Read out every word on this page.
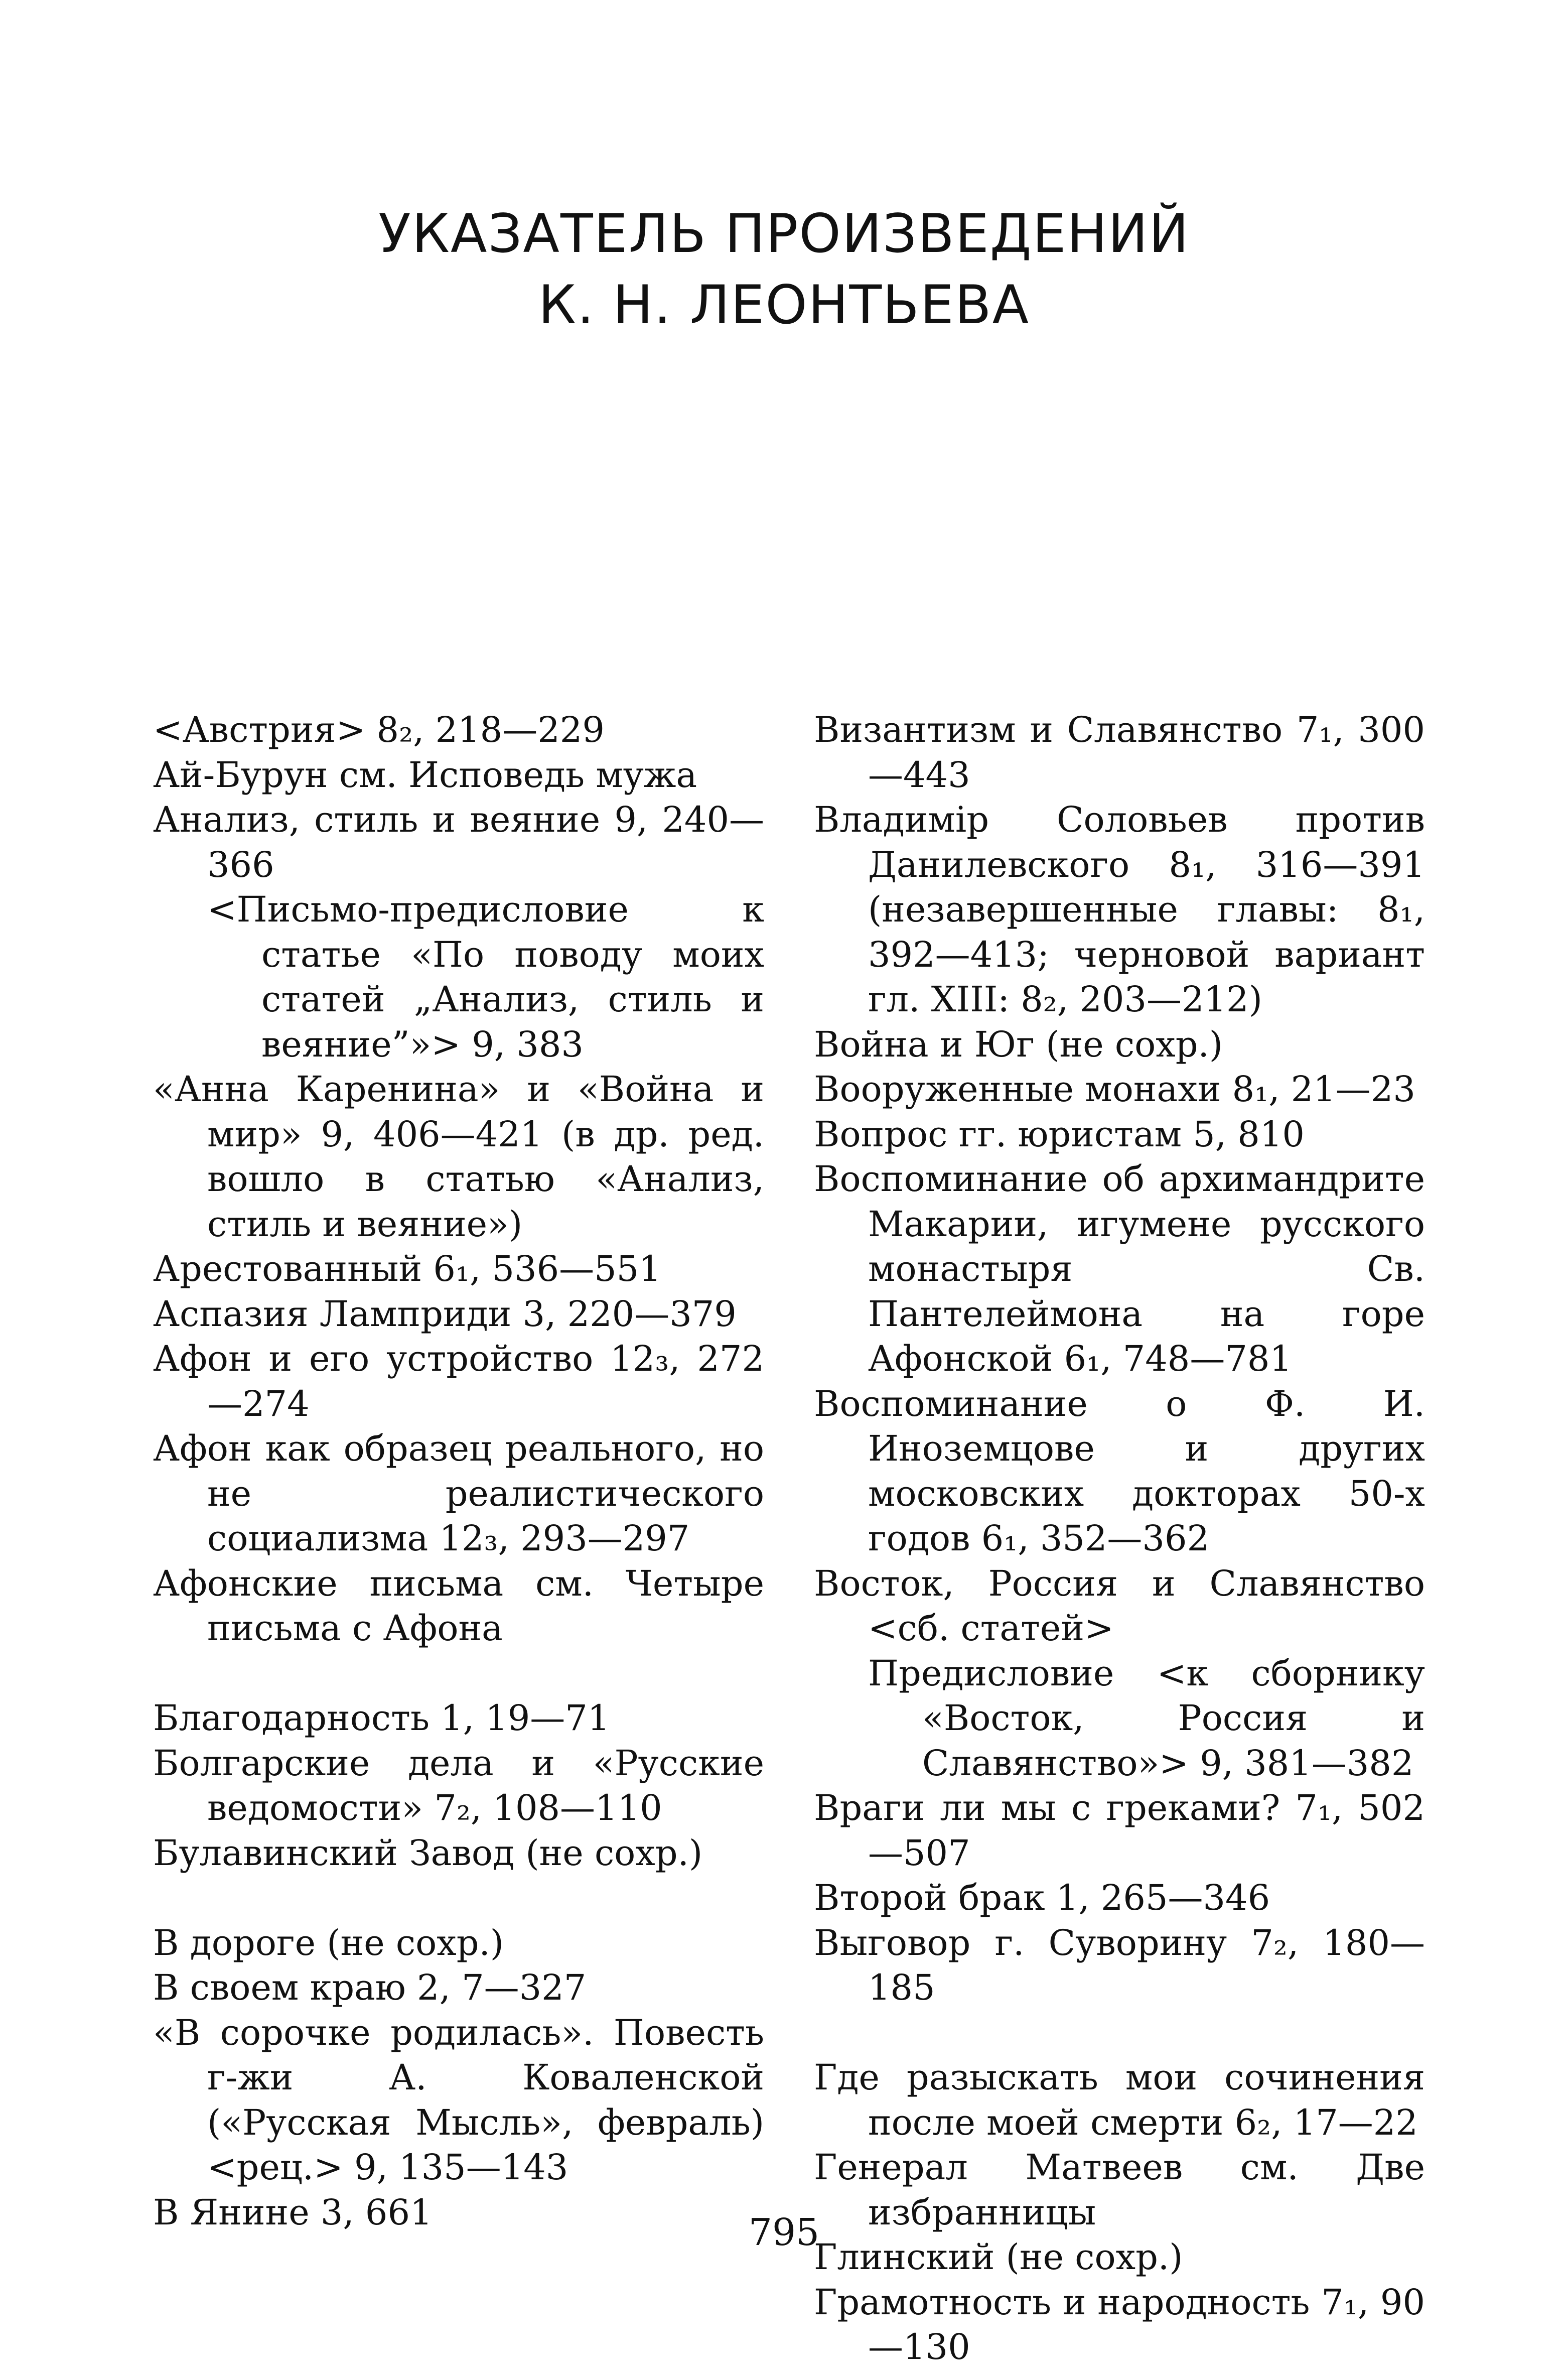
УКАЗАТЕЛЬ ПРОИЗВЕДЕНИЙ
К. Н. ЛЕОНТЬЕВА
<Австрия> 8₂, 218—229
Ай-Бурун см. Исповедь мужа
Анализ, стиль и веяние 9, 240—366
<Письмо-предисловие к статье «По поводу моих статей „Анализ, стиль и веяние”»> 9, 383
«Анна Каренина» и «Война и мир» 9, 406—421 (в др. ред. вошло в статью «Анализ, стиль и веяние»)
Арестованный 6₁, 536—551
Аспазия Ламприди 3, 220—379
Афон и его устройство 12₃, 272—274
Афон как образец реального, но не реалистического социализма 12₃, 293—297
Афонские письма см. Четыре письма с Афона
Благодарность 1, 19—71
Болгарские дела и «Русские ведомости» 7₂, 108—110
Булавинский Завод (не сохр.)
В дороге (не сохр.)
В своем краю 2, 7—327
«В сорочке родилась». Повесть г-жи А. Коваленской («Русская Мысль», февраль) <рец.> 9, 135—143
В Янине 3, 661
Византизм и Славянство 7₁, 300—443
Владимiр Соловьев против Данилевского 8₁, 316—391 (незавершенные главы: 8₁, 392—413; черновой вариант гл. XIII: 8₂, 203—212)
Война и Юг (не сохр.)
Вооруженные монахи 8₁, 21—23
Вопрос гг. юристам 5, 810
Воспоминание об архимандрите Макарии, игумене русского монастыря Св. Пантелеймона на горе Афонской 6₁, 748—781
Воспоминание о Ф. И. Иноземцове и других московских докторах 50-х годов 6₁, 352—362
Восток, Россия и Славянство <сб. статей>
Предисловие <к сборнику «Восток, Россия и Славянство»> 9, 381—382
Враги ли мы с греками? 7₁, 502—507
Второй брак 1, 265—346
Выговор г. Суворину 7₂, 180—185
Где разыскать мои сочинения после моей смерти 6₂, 17—22
Генерал Матвеев см. Две избранницы
Глинский (не сохр.)
Грамотность и народность 7₁, 90—130
795
